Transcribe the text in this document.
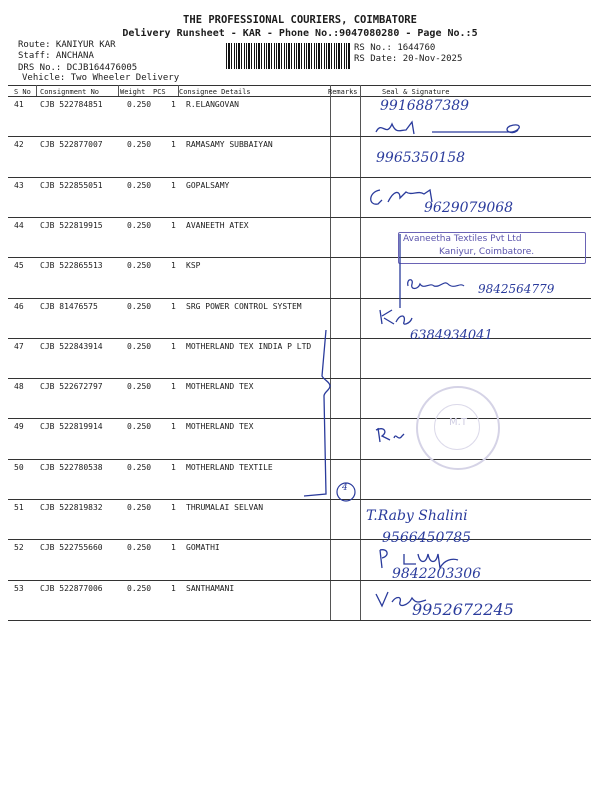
THE PROFESSIONAL COURIERS, COIMBATORE
Delivery Runsheet - KAR - Phone No.:9047080280 - Page No.:5
Route: KANIYUR KAR
Staff: ANCHANA
DRS No.: DCJB164476005
Vehicle: Two Wheeler Delivery
RS No.: 1644760
RS Date: 20-Nov-2025
S No Consignment No	Weight PCS Consignee Details	Remarks	Seal & Signature
41 CJB 522784851	0.250 1 R.ELANGOVAN
42 CJB 522877007	0.250 1 RAMASAMY SUBBAIYAN
43 CJB 522855051	0.250 1 GOPALSAMY
44 CJB 522819915	0.250 1 AVANEETH ATEX
45 CJB 522865513	0.250 1 KSP
46 CJB 81476575	0.250 1 SRG POWER CONTROL SYSTEM
47 CJB 522843914	0.250 1 MOTHERLAND TEX INDIA P LTD
48 CJB 522672797	0.250 1 MOTHERLAND TEX
49 CJB 522819914	0.250 1 MOTHERLAND TEX
50 CJB 522780538	0.250 1 MOTHERLAND TEXTILE
51 CJB 522819832	0.250 1 THRUMALAI SELVAN
52 CJB 522755660	0.250 1 GOMATHI
53 CJB 522877006	0.250 1 SANTHAMANI
9916887389
9965350158
9629079068
Avaneetha Textiles Pvt Ltd
Kaniyur, Coimbatore.
9842564779
6384934041
4
M.T
T.Raby Shalini
9566450785
9842203306
9952672245
